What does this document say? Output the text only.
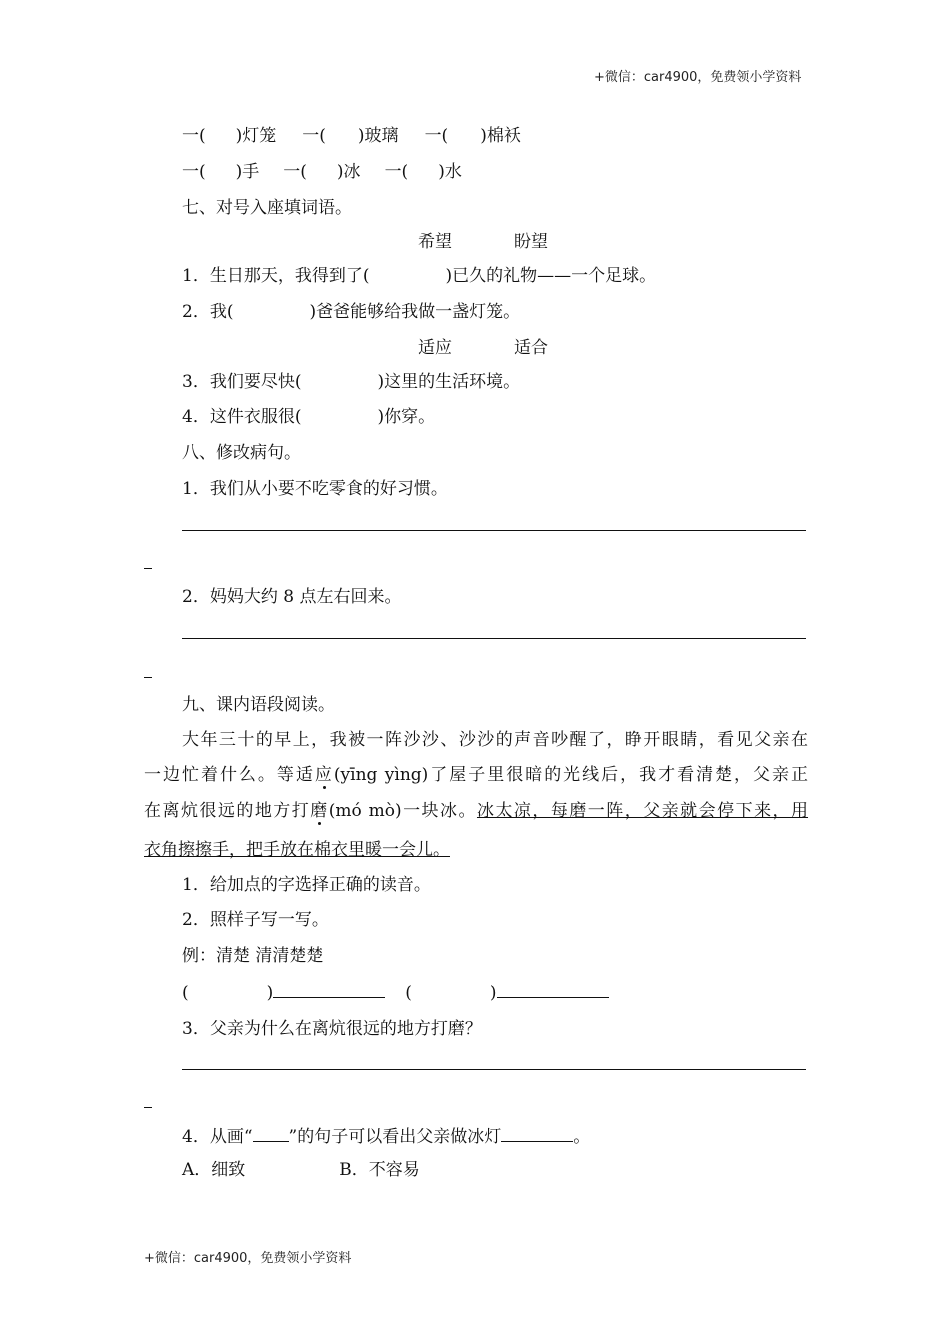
+微信：car4900，免费领小学资料
一( )灯笼 一( )玻璃 一( )棉袄
一( )手 一( )冰 一( )水
七、对号入座填词语。
希望	盼望
1．生日那天，我得到了(	)已久的礼物——一个足球。
2．我(	)爸爸能够给我做一盏灯笼。
适应	适合
3．我们要尽快(	)这里的生活环境。
4．这件衣服很(	)你穿。
八、修改病句。
1．我们从小要不吃零食的好习惯。
2．妈妈大约 8 点左右回来。
九、课内语段阅读。
大年三十的早上，我被一阵沙沙、沙沙的声音吵醒了，睁开眼睛，看见父亲在
一边忙着什么。等适应(yīng yìng)了屋子里很暗的光线后，我才看清楚，父亲正
在离炕很远的地方打磨(mó mò)一块冰。冰太凉，每磨一阵，父亲就会停下来，用
衣角擦擦手，把手放在棉衣里暖一会儿。
1．给加点的字选择正确的读音。
2．照样子写一写。
例：清楚 清清楚楚
(	)	(	)
3．父亲为什么在离炕很远的地方打磨？
4．从画“ ”的句子可以看出父亲做冰灯	。
A．细致	B．不容易
+微信：car4900，免费领小学资料
